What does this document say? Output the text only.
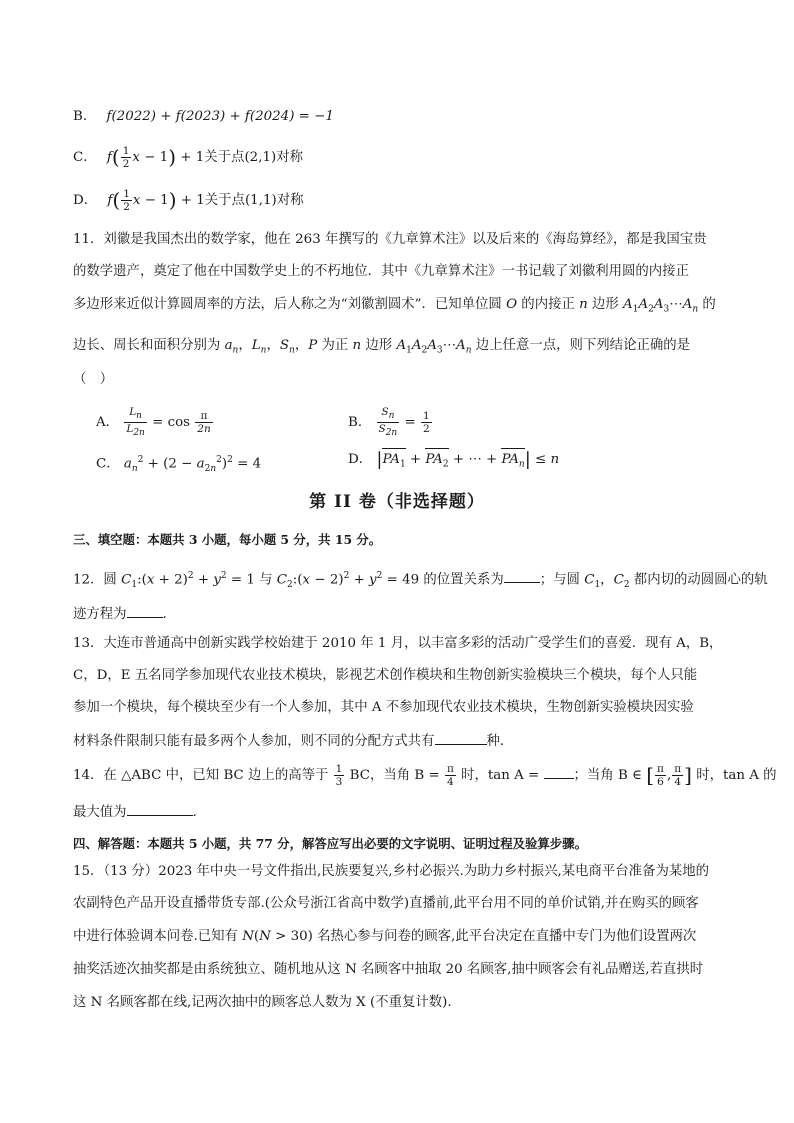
B． f(2022) + f(2023) + f(2024) = −1
C． $f( \frac{1}{2}$ x − 1) + 1关于点(2,1)对称
D． $f( \frac{1}{2}$ x − 1) + 1关于点(1,1)对称
11．刘徽是我国杰出的数学家，他在 263 年撰写的《九章算术注》以及后来的《海岛算经》，都是我国宝贵
的数学遗产，奠定了他在中国数学史上的不朽地位．其中《九章算术注》一书记载了刘徽利用圆的内接正
多边形来近似计算圆周率的方法，后人称之为“刘徽割圆术”．已知单位圆 O 的内接正 n 边形 $A_1A_2A_3\cdots A_n$ 的
边长、周长和面积分别为 $a_n$，$L_n$，$S_n$，P 为正 n 边形 $A_1A_2A_3\cdots A_n$ 边上任意一点，则下列结论正确的是
（　）
A． $\frac{L_n}{L_{2n}} = \cos \frac{\pi}{2n}$	B． $\frac{S_n}{S_{2n}} = \frac{1}{2}$
C． $a_n^2 + (2 - a_{2n}^2)^2 = 4$	D． $|PA_1 + PA_2$ + ⋯ + $PA_n| \le n$
第 II 卷（非选择题）
三、填空题：本题共 3 小题，每小题 5 分，共 15 分。
12．圆 $C_1:(x + 2)^2 + y^2 = 1$ 与 $C_2:(x - 2)^2 + y^2 = 49$ 的位置关系为	；与圆 $C_1$，$C_2$ 都内切的动圆圆心的轨
迹方程为	．
13．大连市普通高中创新实践学校始建于 2010 年 1 月，以丰富多彩的活动广受学生们的喜爱．现有 A，B，
C，D，E 五名同学参加现代农业技术模块，影视艺术创作模块和生物创新实验模块三个模块，每个人只能
参加一个模块，每个模块至少有一个人参加，其中 A 不参加现代农业技术模块，生物创新实验模块因实验
材料条件限制只能有最多两个人参加，则不同的分配方式共有	种．
14．在 △ABC 中，已知 BC 边上的高等于 $\frac{1}{3}$ BC，当角 $B = \frac{\pi}{4}$ 时，tan A = ；当角 B ∈ [ $\frac{\pi}{6}$ , $\frac{\pi}{4}$ ] 时，tan A 的
最大值为	．
四、解答题：本题共 5 小题，共 77 分，解答应写出必要的文字说明、证明过程及验算步骤。
15．（13 分）2023 年中央一号文件指出,民族要复兴,乡村必振兴.为助力乡村振兴,某电商平台准备为某地的
农副特色产品开设直播带货专部.(公众号浙江省高中数学)直播前,此平台用不同的单价试销,并在购买的顾客
中进行体验调本问卷.已知有 N(N > 30) 名热心参与问卷的顾客,此平台决定在直播中专门为他们设置两次
抽奖活迹次抽奖都是由系统独立、随机地从这 N 名顾客中抽取 20 名顾客,抽中顾客会有礼品赠送,若直拱时
这 N 名顾客都在线,记两次抽中的顾客总人数为 X (不重复计数).
